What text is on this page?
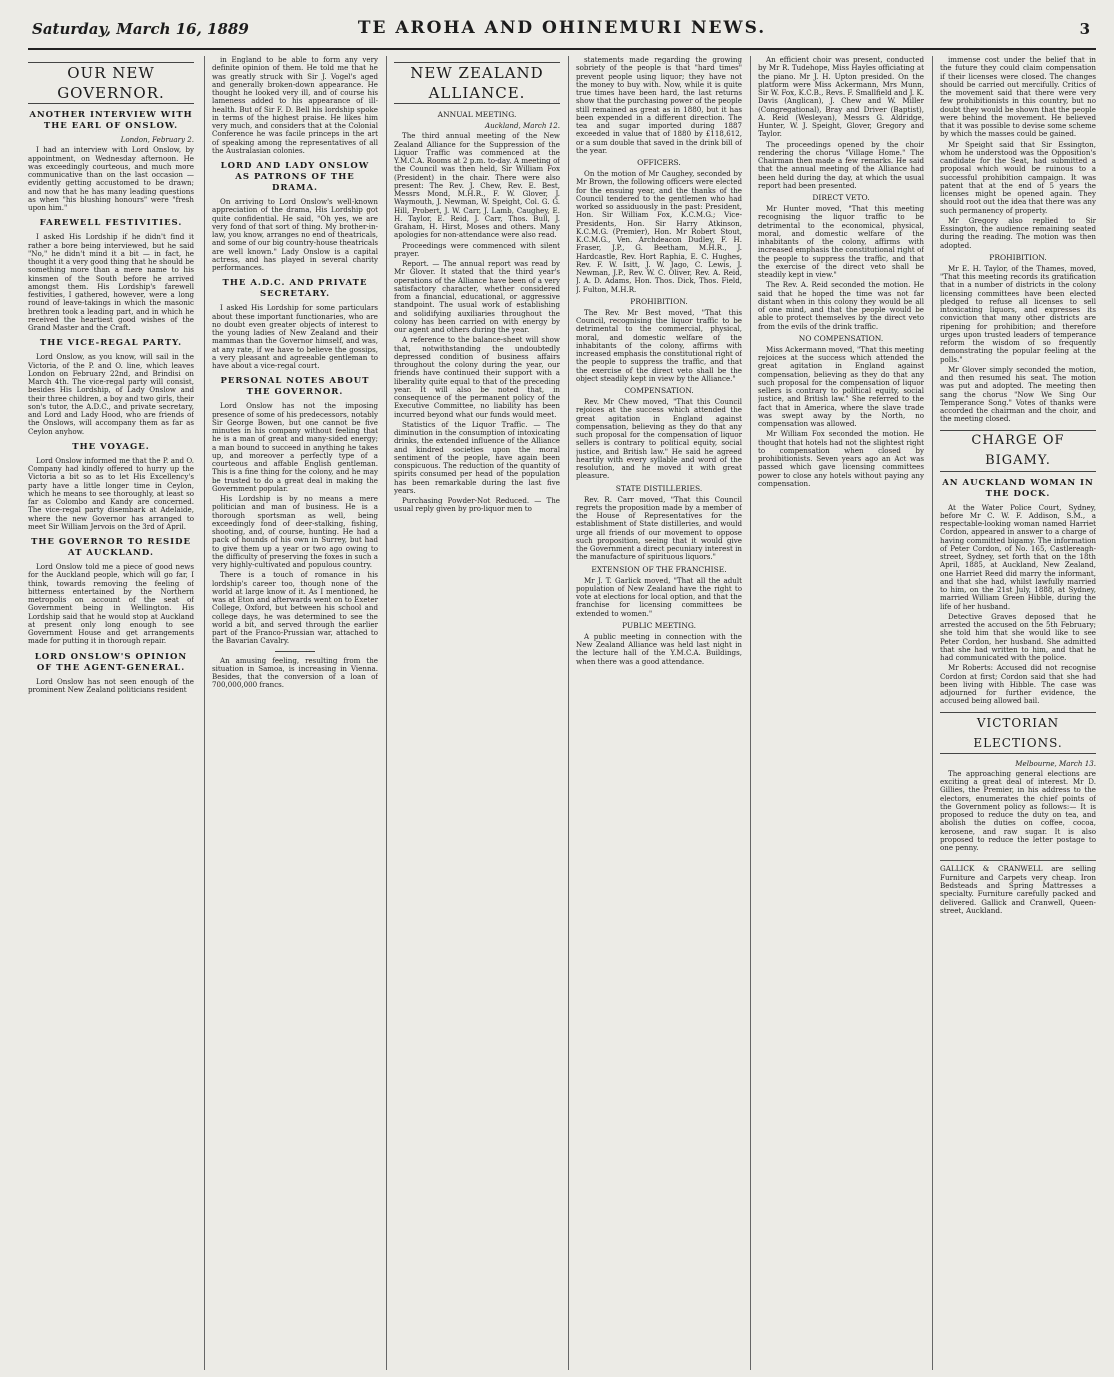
Saturday, March 16, 1889	TE AROHA AND OHINEMURI NEWS.	3
OUR NEW GOVERNOR.
ANOTHER INTERVIEW WITH THE EARL OF ONSLOW.
London, February 2.

I had an interview with Lord Onslow, by appointment, on Wednesday afternoon. He was exceedingly courteous, and much more communicative than on the last occasion — evidently getting accustomed to be drawn; and now that he has many leading questions as when "his blushing honours" were "fresh upon him."

FAREWELL FESTIVITIES.

I asked His Lordship if he didn't find it rather a bore being interviewed, but he said "No," he didn't mind it a bit — in fact, he thought it a very good thing that he should be something more than a mere name to his kinsmen of the South before he arrived amongst them. His Lordship's farewell festivities, I gathered, however, were a long round of leave-takings in which the masonic brethren took a leading part, and in which he received the heartiest good wishes of the Grand Master and the Craft.

THE VICE-REGAL PARTY.

Lord Onslow, as you know, will sail in the Victoria, of the P. and O. line, which leaves London on February 22nd, and Brindisi on March 4th. The vice-regal party will consist, besides His Lordship, of Lady Onslow and their three children, a boy and two girls, their son's tutor, the A.D.C., and private secretary, and Lord and Lady Hood, who are friends of the Onslows, will accompany them as far as Ceylon anyhow.

THE VOYAGE.

Lord Onslow informed me that the P. and O. Company had kindly offered to hurry up the Victoria a bit so as to let His Excellency's party have a little longer time in Ceylon, which he means to see thoroughly, at least so far as Colombo and Kandy are concerned. The vice-regal party disembark at Adelaide, where the new Governor has arranged to meet Sir William Jervois on the 3rd of April.

THE GOVERNOR TO RESIDE AT AUCKLAND.

Lord Onslow told me a piece of good news for the Auckland people, which will go far, I think, towards removing the feeling of bitterness entertained by the Northern metropolis on account of the seat of Government being in Wellington. His Lordship said that he would stop at Auckland at present only long enough to see Government House and get arrangements made for putting it in thorough repair.

LORD ONSLOW'S OPINION OF THE AGENT-GENERAL.

Lord Onslow has not seen enough of the prominent New Zealand politicians resident

in England to be able to form any very definite opinion of them. He told me that he was greatly struck with Sir J. Vogel's aged and generally broken-down appearance. He thought he looked very ill, and of course his lameness added to his appearance of ill-health. But of Sir F. D. Bell his lordship spoke in terms of the highest praise. He likes him very much, and considers that at the Colonial Conference he was facile princeps in the art of speaking among the representatives of all the Australasian colonies.

LORD AND LADY ONSLOW AS PATRONS OF THE DRAMA.

On arriving to Lord Onslow's well-known appreciation of the drama, His Lordship got quite confidential. He said, "Oh yes, we are very fond of that sort of thing. My brother-in-law, you know, arranges no end of theatricals, and some of our big country-house theatricals are well known." Lady Onslow is a capital actress, and has played in several charity performances.

THE A.D.C. AND PRIVATE SECRETARY.

I asked His Lordship for some particulars about these important functionaries, who are no doubt even greater objects of interest to the young ladies of New Zealand and their mammas than the Governor himself, and was, at any rate, if we have to believe the gossips, a very pleasant and agreeable gentleman to have about a vice-regal court.

PERSONAL NOTES ABOUT THE GOVERNOR.

Lord Onslow has not the imposing presence of some of his predecessors, notably Sir George Bowen, but one cannot be five minutes in his company without feeling that he is a man of great and many-sided energy; a man bound to succeed in anything he takes up, and moreover a perfectly type of a courteous and affable English gentleman. This is a fine thing for the colony, and he may be trusted to do a great deal in making the Government popular.

His Lordship is by no means a mere politician and man of business. He is a thorough sportsman as well, being exceedingly fond of deer-stalking, fishing, shooting, and, of course, hunting. He had a pack of hounds of his own in Surrey, but had to give them up a year or two ago owing to the difficulty of preserving the foxes in such a very highly-cultivated and populous country.

There is a touch of romance in his lordship's career too, though none of the world at large know of it. As I mentioned, he was at Eton and afterwards went on to Exeter College, Oxford, but between his school and college days, he was determined to see the world a bit, and served through the earlier part of the Franco-Prussian war, attached to the Bavarian Cavalry.

An amusing feeling, resulting from the situation in Samoa, is increasing in Vienna. Besides, that the conversion of a loan of 700,000,000 francs.

NEW ZEALAND ALLIANCE.
ANNUAL MEETING.
Auckland, March 12.

The third annual meeting of the New Zealand Alliance for the Suppression of the Liquor Traffic was commenced at the Y.M.C.A. Rooms at 2 p.m. to-day. A meeting of the Council was then held, Sir William Fox (President) in the chair. There were also present: The Rev. J. Chew, Rev. E. Best, Messrs Mond, M.H.R., F. W. Glover, J. Waymouth, J. Newman, W. Speight, Col. G. G. Hill, Probert, J. W. Carr, J. Lamb, Caughey, E. H. Taylor, E. Reid, J. Carr, Thos. Bull, J. Graham, H. Hirst, Moses and others. Many apologies for non-attendance were also read.

Proceedings were commenced with silent prayer.

Report. — The annual report was read by Mr Glover. It stated that the third year's operations of the Alliance have been of a very satisfactory character, whether considered from a financial, educational, or aggressive standpoint. The usual work of establishing and solidifying auxiliaries throughout the colony has been carried on with energy by our agent and others during the year.

A reference to the balance-sheet will show that, notwithstanding the undoubtedly depressed condition of business affairs throughout the colony during the year, our friends have continued their support with a liberality quite equal to that of the preceding year. It will also be noted that, in consequence of the permanent policy of the Executive Committee, no liability has been incurred beyond what our funds would meet.

Statistics of the Liquor Traffic. — The diminution in the consumption of intoxicating drinks, the extended influence of the Alliance and kindred societies upon the moral sentiment of the people, have again been conspicuous. The reduction of the quantity of spirits consumed per head of the population has been remarkable during the last five years.

Purchasing Powder-Not Reduced. — The usual reply given by pro-liquor men to

statements made regarding the growing sobriety of the people is that "hard times" prevent people using liquor; they have not the money to buy with. Now, while it is quite true times have been hard, the last returns show that the purchasing power of the people still remained as great as in 1880, but it has been expended in a different direction. The tea and sugar imported during 1887 exceeded in value that of 1880 by £118,612, or a sum double that saved in the drink bill of the year.

OFFICERS.

On the motion of Mr Caughey, seconded by Mr Brown, the following officers were elected for the ensuing year, and the thanks of the Council tendered to the gentlemen who had worked so assiduously in the past: President, Hon. Sir William Fox, K.C.M.G.; Vice-Presidents, Hon. Sir Harry Atkinson, K.C.M.G. (Premier), Hon. Mr Robert Stout, K.C.M.G., Ven. Archdeacon Dudley, F. H. Fraser, J.P., G. Beetham, M.H.R., J. Hardcastle, Rev. Hort Raphia, E. C. Hughes, Rev. F. W. Isitt, J. W. Jago, C. Lewis, J. Newman, J.P., Rev. W. C. Oliver, Rev. A. Reid, J. A. D. Adams, Hon. Thos. Dick, Thos. Field, J. Fulton, M.H.R.

PROHIBITION.

The Rev. Mr Best moved, "That this Council, recognising the liquor traffic to be detrimental to the commercial, physical, moral, and domestic welfare of the inhabitants of the colony, affirms with increased emphasis the constitutional right of the people to suppress the traffic, and that the exercise of the direct veto shall be the object steadily kept in view by the Alliance."

COMPENSATION.

Rev. Mr Chew moved, "That this Council rejoices at the success which attended the great agitation in England against compensation, believing as they do that any such proposal for the compensation of liquor sellers is contrary to political equity, social justice, and British law." He said he agreed heartily with every syllable and word of the resolution, and he moved it with great pleasure.

STATE DISTILLERIES.

Rev. R. Carr moved, "That this Council regrets the proposition made by a member of the House of Representatives for the establishment of State distilleries, and would urge all friends of our movement to oppose such proposition, seeing that it would give the Government a direct pecuniary interest in the manufacture of spirituous liquors."

EXTENSION OF THE FRANCHISE.

Mr J. T. Garlick moved, "That all the adult population of New Zealand have the right to vote at elections for local option, and that the franchise for licensing committees be extended to women."

PUBLIC MEETING.

A public meeting in connection with the New Zealand Alliance was held last night in the lecture hall of the Y.M.C.A. Buildings, when there was a good attendance.

An efficient choir was present, conducted by Mr R. Tudehope, Miss Hayles officiating at the piano. Mr J. H. Upton presided. On the platform were Miss Ackermann, Mrs Munn, Sir W. Fox, K.C.B., Revs. F. Smallfield and J. K. Davis (Anglican), J. Chew and W. Miller (Congregational), Bray and Driver (Baptist), A. Reid (Wesleyan), Messrs G. Aldridge, Hunter, W. J. Speight, Glover, Gregory and Taylor.

The proceedings opened by the choir rendering the chorus "Village Home." The Chairman then made a few remarks. He said that the annual meeting of the Alliance had been held during the day, at which the usual report had been presented.

DIRECT VETO.

Mr Hunter moved, "That this meeting recognising the liquor traffic to be detrimental to the economical, physical, moral, and domestic welfare of the inhabitants of the colony, affirms with increased emphasis the constitutional right of the people to suppress the traffic, and that the exercise of the direct veto shall be steadily kept in view."

The Rev. A. Reid seconded the motion. He said that he hoped the time was not far distant when in this colony they would be all of one mind, and that the people would be able to protect themselves by the direct veto from the evils of the drink traffic.

NO COMPENSATION.

Miss Ackermann moved, "That this meeting rejoices at the success which attended the great agitation in England against compensation, believing as they do that any such proposal for the compensation of liquor sellers is contrary to political equity, social justice, and British law." She referred to the fact that in America, where the slave trade was swept away by the North, no compensation was allowed.

Mr William Fox seconded the motion. He thought that hotels had not the slightest right to compensation when closed by prohibitionists. Seven years ago an Act was passed which gave licensing committees power to close any hotels without paying any compensation.

immense cost under the belief that in the future they could claim compensation if their licenses were closed. The changes should be carried out mercifully. Critics of the movement said that there were very few prohibitionists in this country, but no doubt they would be shown that the people were behind the movement. He believed that it was possible to devise some scheme by which the masses could be gained.

Mr Speight said that Sir Essington, whom he understood was the Opposition's candidate for the Seat, had submitted a proposal which would be ruinous to a successful prohibition campaign. It was patent that at the end of 5 years the licenses might be opened again. They should root out the idea that there was any such permanency of property.

Mr Gregory also replied to Sir Essington, the audience remaining seated during the reading. The motion was then adopted.

PROHIBITION.

Mr E. H. Taylor, of the Thames, moved, "That this meeting records its gratification that in a number of districts in the colony licensing committees have been elected pledged to refuse all licenses to sell intoxicating liquors, and expresses its conviction that many other districts are ripening for prohibition; and therefore urges upon trusted leaders of temperance reform the wisdom of so frequently demonstrating the popular feeling at the polls."

Mr Glover simply seconded the motion, and then resumed his seat. The motion was put and adopted. The meeting then sang the chorus "Now We Sing Our Temperance Song." Votes of thanks were accorded the chairman and the choir, and the meeting closed.

CHARGE OF BIGAMY.
AN AUCKLAND WOMAN IN THE DOCK.

At the Water Police Court, Sydney, before Mr C. W. F. Addison, S.M., a respectable-looking woman named Harriet Cordon, appeared in answer to a charge of having committed bigamy. The information of Peter Cordon, of No. 165, Castlereagh-street, Sydney, set forth that on the 18th April, 1885, at Auckland, New Zealand, one Harriet Reed did marry the informant, and that she had, whilst lawfully married to him, on the 21st July, 1888, at Sydney, married William Green Hibble, during the life of her husband.

Detective Graves deposed that he arrested the accused on the 5th February; she told him that she would like to see Peter Cordon, her husband. She admitted that she had written to him, and that he had communicated with the police.

Mr Roberts: Accused did not recognise Cordon at first; Cordon said that she had been living with Hibble. The case was adjourned for further evidence, the accused being allowed bail.

VICTORIAN ELECTIONS.
Melbourne, March 13.

The approaching general elections are exciting a great deal of interest. Mr D. Gillies, the Premier, in his address to the electors, enumerates the chief points of the Government policy as follows:— It is proposed to reduce the duty on tea, and abolish the duties on coffee, cocoa, kerosene, and raw sugar. It is also proposed to reduce the letter postage to one penny.

GALLICK & CRANWELL are selling Furniture and Carpets very cheap. Iron Bedsteads and Spring Mattresses a specialty. Furniture carefully packed and delivered. Gallick and Cranwell, Queen-street, Auckland.
